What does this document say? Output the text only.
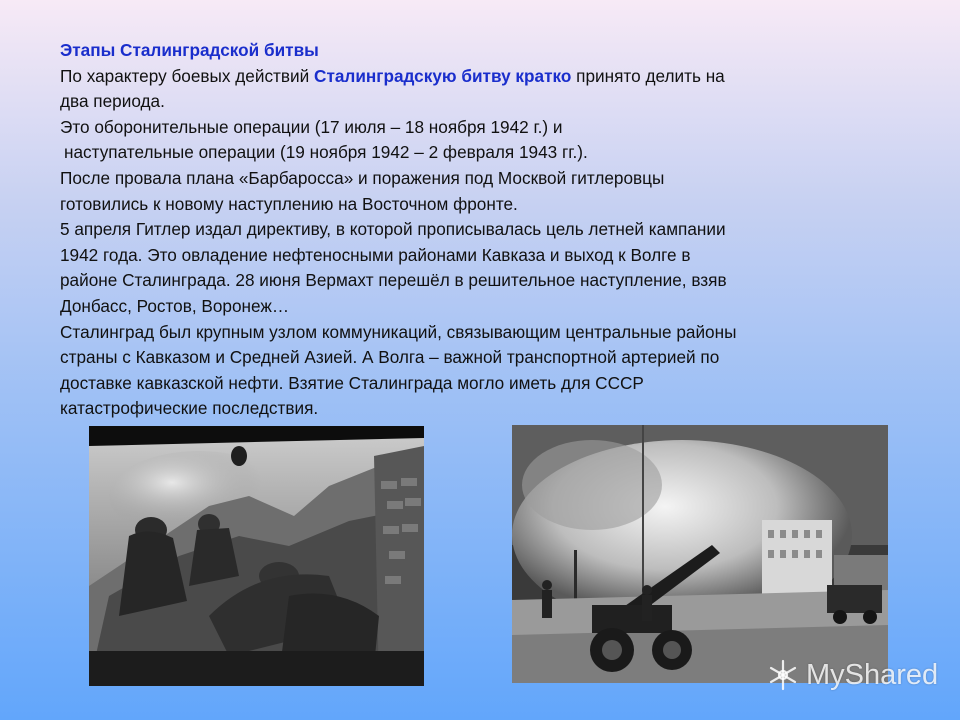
Этапы Сталинградской битвы

По характеру боевых действий Сталинградскую битву кратко принято делить на

два периода.

Это оборонительные операции (17 июля – 18 ноября 1942 г.) и

наступательные операции (19 ноября 1942 – 2 февраля 1943 гг.).

После провала плана «Барбаросса» и поражения под Москвой гитлеровцы

готовились к новому наступлению на Восточном фронте.

5 апреля Гитлер издал директиву, в которой прописывалась цель летней кампании

1942 года. Это овладение нефтеносными районами Кавказа и выход к Волге в

районе Сталинграда. 28 июня Вермахт перешёл в решительное наступление, взяв

Донбасс, Ростов, Воронеж…

Сталинград был крупным узлом коммуникаций, связывающим центральные районы

страны с Кавказом и Средней Азией. А Волга – важной транспортной артерией по

доставке кавказской нефти. Взятие Сталинграда могло иметь для СССР

катастрофические последствия.

MyShared
